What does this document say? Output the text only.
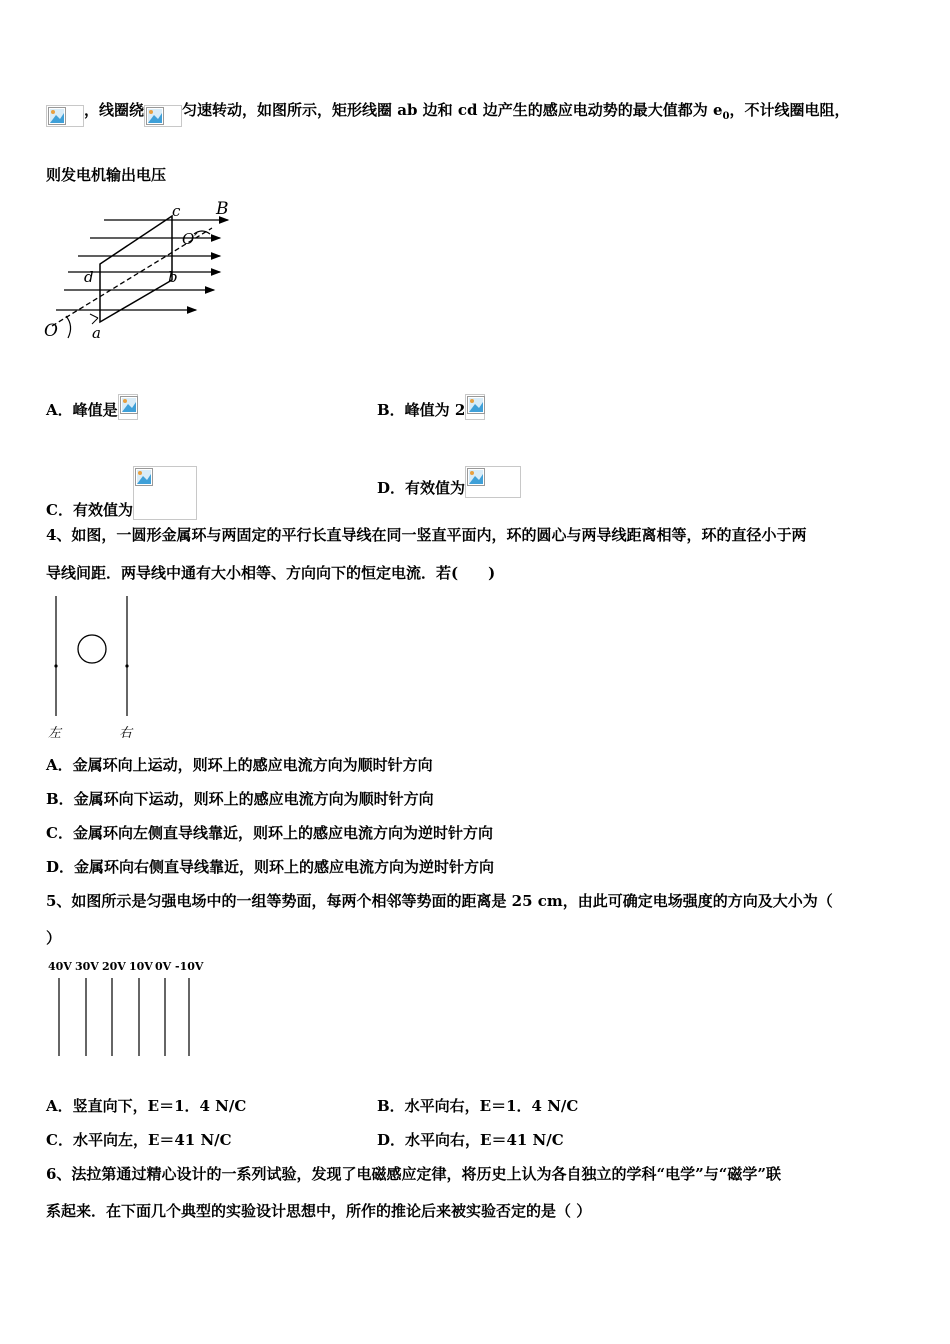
，线圈绕	匀速转动，如图所示，矩形线圈 ab 边和 cd 边产生的感应电动势的最大值都为 $e_0$，不计线圈电阻，
则发电机输出电压
c B
O′
d	b
O a
A．峰值是	B．峰值为 2
C．有效值为
D．有效值为
4、如图，一圆形金属环与两固定的平行长直导线在同一竖直平面内，环的圆心与两导线距离相等，环的直径小于两
导线间距．两导线中通有大小相等、方向向下的恒定电流．若(　　)
左	右
A．金属环向上运动，则环上的感应电流方向为顺时针方向
B．金属环向下运动，则环上的感应电流方向为顺时针方向
C．金属环向左侧直导线靠近，则环上的感应电流方向为逆时针方向
D．金属环向右侧直导线靠近，则环上的感应电流方向为逆时针方向
5、如图所示是匀强电场中的一组等势面，每两个相邻等势面的距离是 25 cm，由此可确定电场强度的方向及大小为（
）
40V 30V 20V 10V 0V -10V
A．竖直向下，E＝1．4 N/C	B．水平向右，E＝1．4 N/C
C．水平向左，E＝41 N/C	D．水平向右，E＝41 N/C
6、法拉第通过精心设计的一系列试验，发现了电磁感应定律，将历史上认为各自独立的学科“电学”与“磁学”联
系起来．在下面几个典型的实验设计思想中，所作的推论后来被实验否定的是（ ）
